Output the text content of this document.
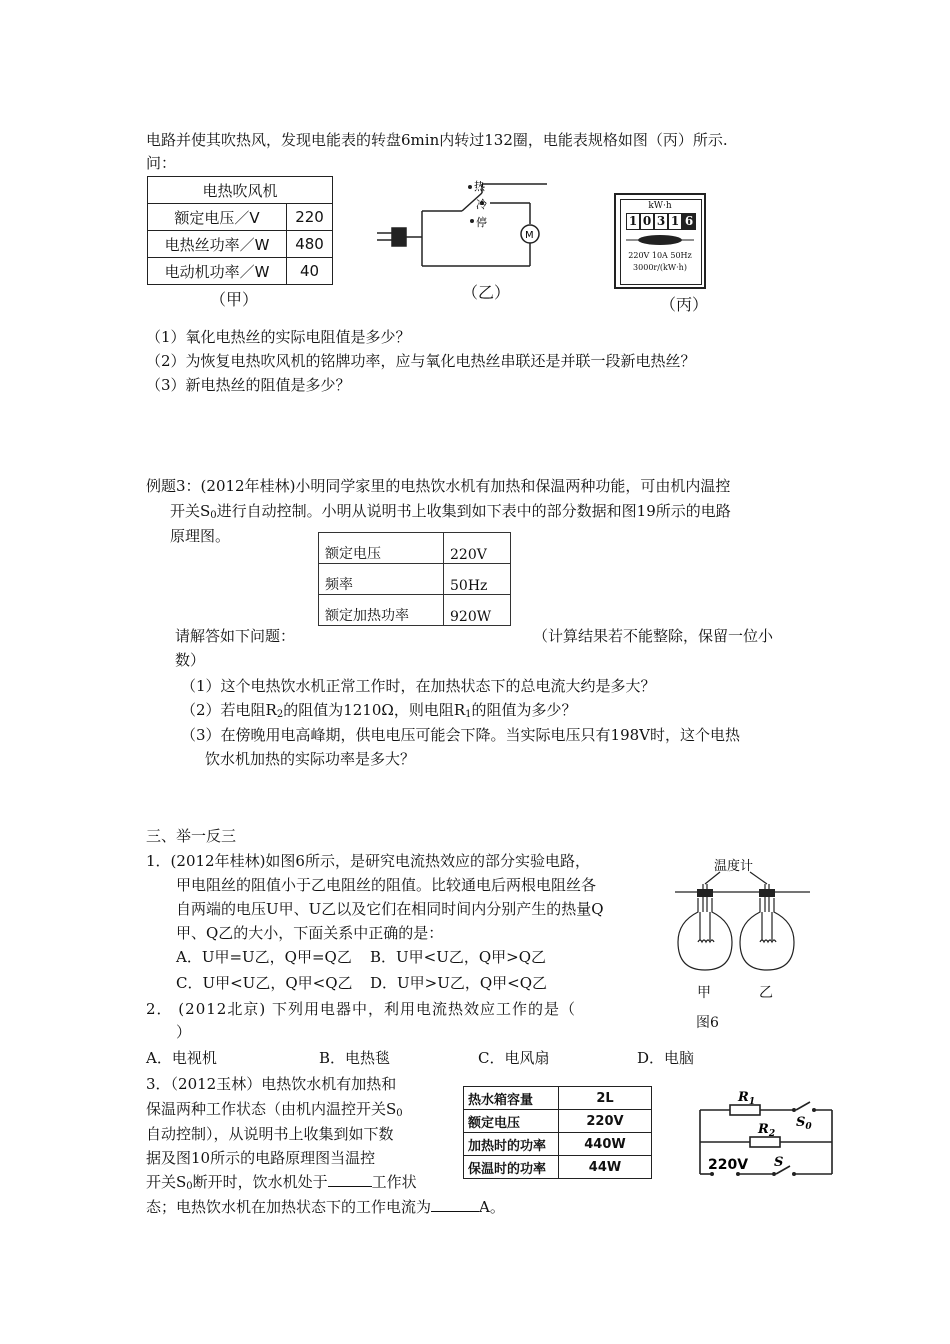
电路并使其吹热风，发现电能表的转盘6min内转过132圈，电能表规格如图（丙）所示.
问：
电热吹风机	
额定电压／V	220
电热丝功率／W	480
电动机功率／W	40
（甲）
热
冷
停
M
（乙）
kW·h
1 0 3 1 6
220V 10A 50Hz
3000r/(kW·h)
（丙）
（1）氧化电热丝的实际电阻值是多少？
（2）为恢复电热吹风机的铭牌功率，应与氧化电热丝串联还是并联一段新电热丝？
（3）新电热丝的阻值是多少？
例题3：(2012年桂林)小明同学家里的电热饮水机有加热和保温两种功能，可由机内温控
开关$S_0$进行自动控制。小明从说明书上收集到如下表中的部分数据和图19所示的电路
原理图。
额定电压	220V
频率	50Hz
额定加热功率	920W
请解答如下问题：	（计算结果若不能整除，保留一位小
数）
（1）这个电热饮水机正常工作时，在加热状态下的总电流大约是多大？
（2）若电阻$R_2$的阻值为1210Ω，则电阻$R_1$的阻值为多少？
（3）在傍晚用电高峰期，供电电压可能会下降。当实际电压只有198V时，这个电热
饮水机加热的实际功率是多大？
三、举一反三
1．(2012年桂林)如图6所示，是研究电流热效应的部分实验电路，
甲电阻丝的阻值小于乙电阻丝的阻值。比较通电后两根电阻丝各
自两端的电压U甲、U乙以及它们在相同时间内分别产生的热量Q
甲、Q乙的大小，下面关系中正确的是：
A．U甲=U乙，Q甲=Q乙 B．U甲<U乙，Q甲>Q乙
C．U甲<U乙，Q甲<Q乙 D．U甲>U乙，Q甲<Q乙
温度计
甲	乙
图6
2． (2012北京) 下列用电器中，利用电流热效应工作的是（
）
A．电视机	B．电热毯	C．电风扇	D．电脑
3．（2012玉林）电热饮水机有加热和
保温两种工作状态（由机内温控开关$S_0$
自动控制），从说明书上收集到如下数
据及图10所示的电路原理图当温控
开关$S_0$断开时，饮水机处于	工作状
态；电热饮水机在加热状态下的工作电流为	A。
热水箱容量	2L
额定电压	220V
加热时的功率	440W
保温时的功率	44W
$R_1$
$S_0$
$R_2$
220V S
